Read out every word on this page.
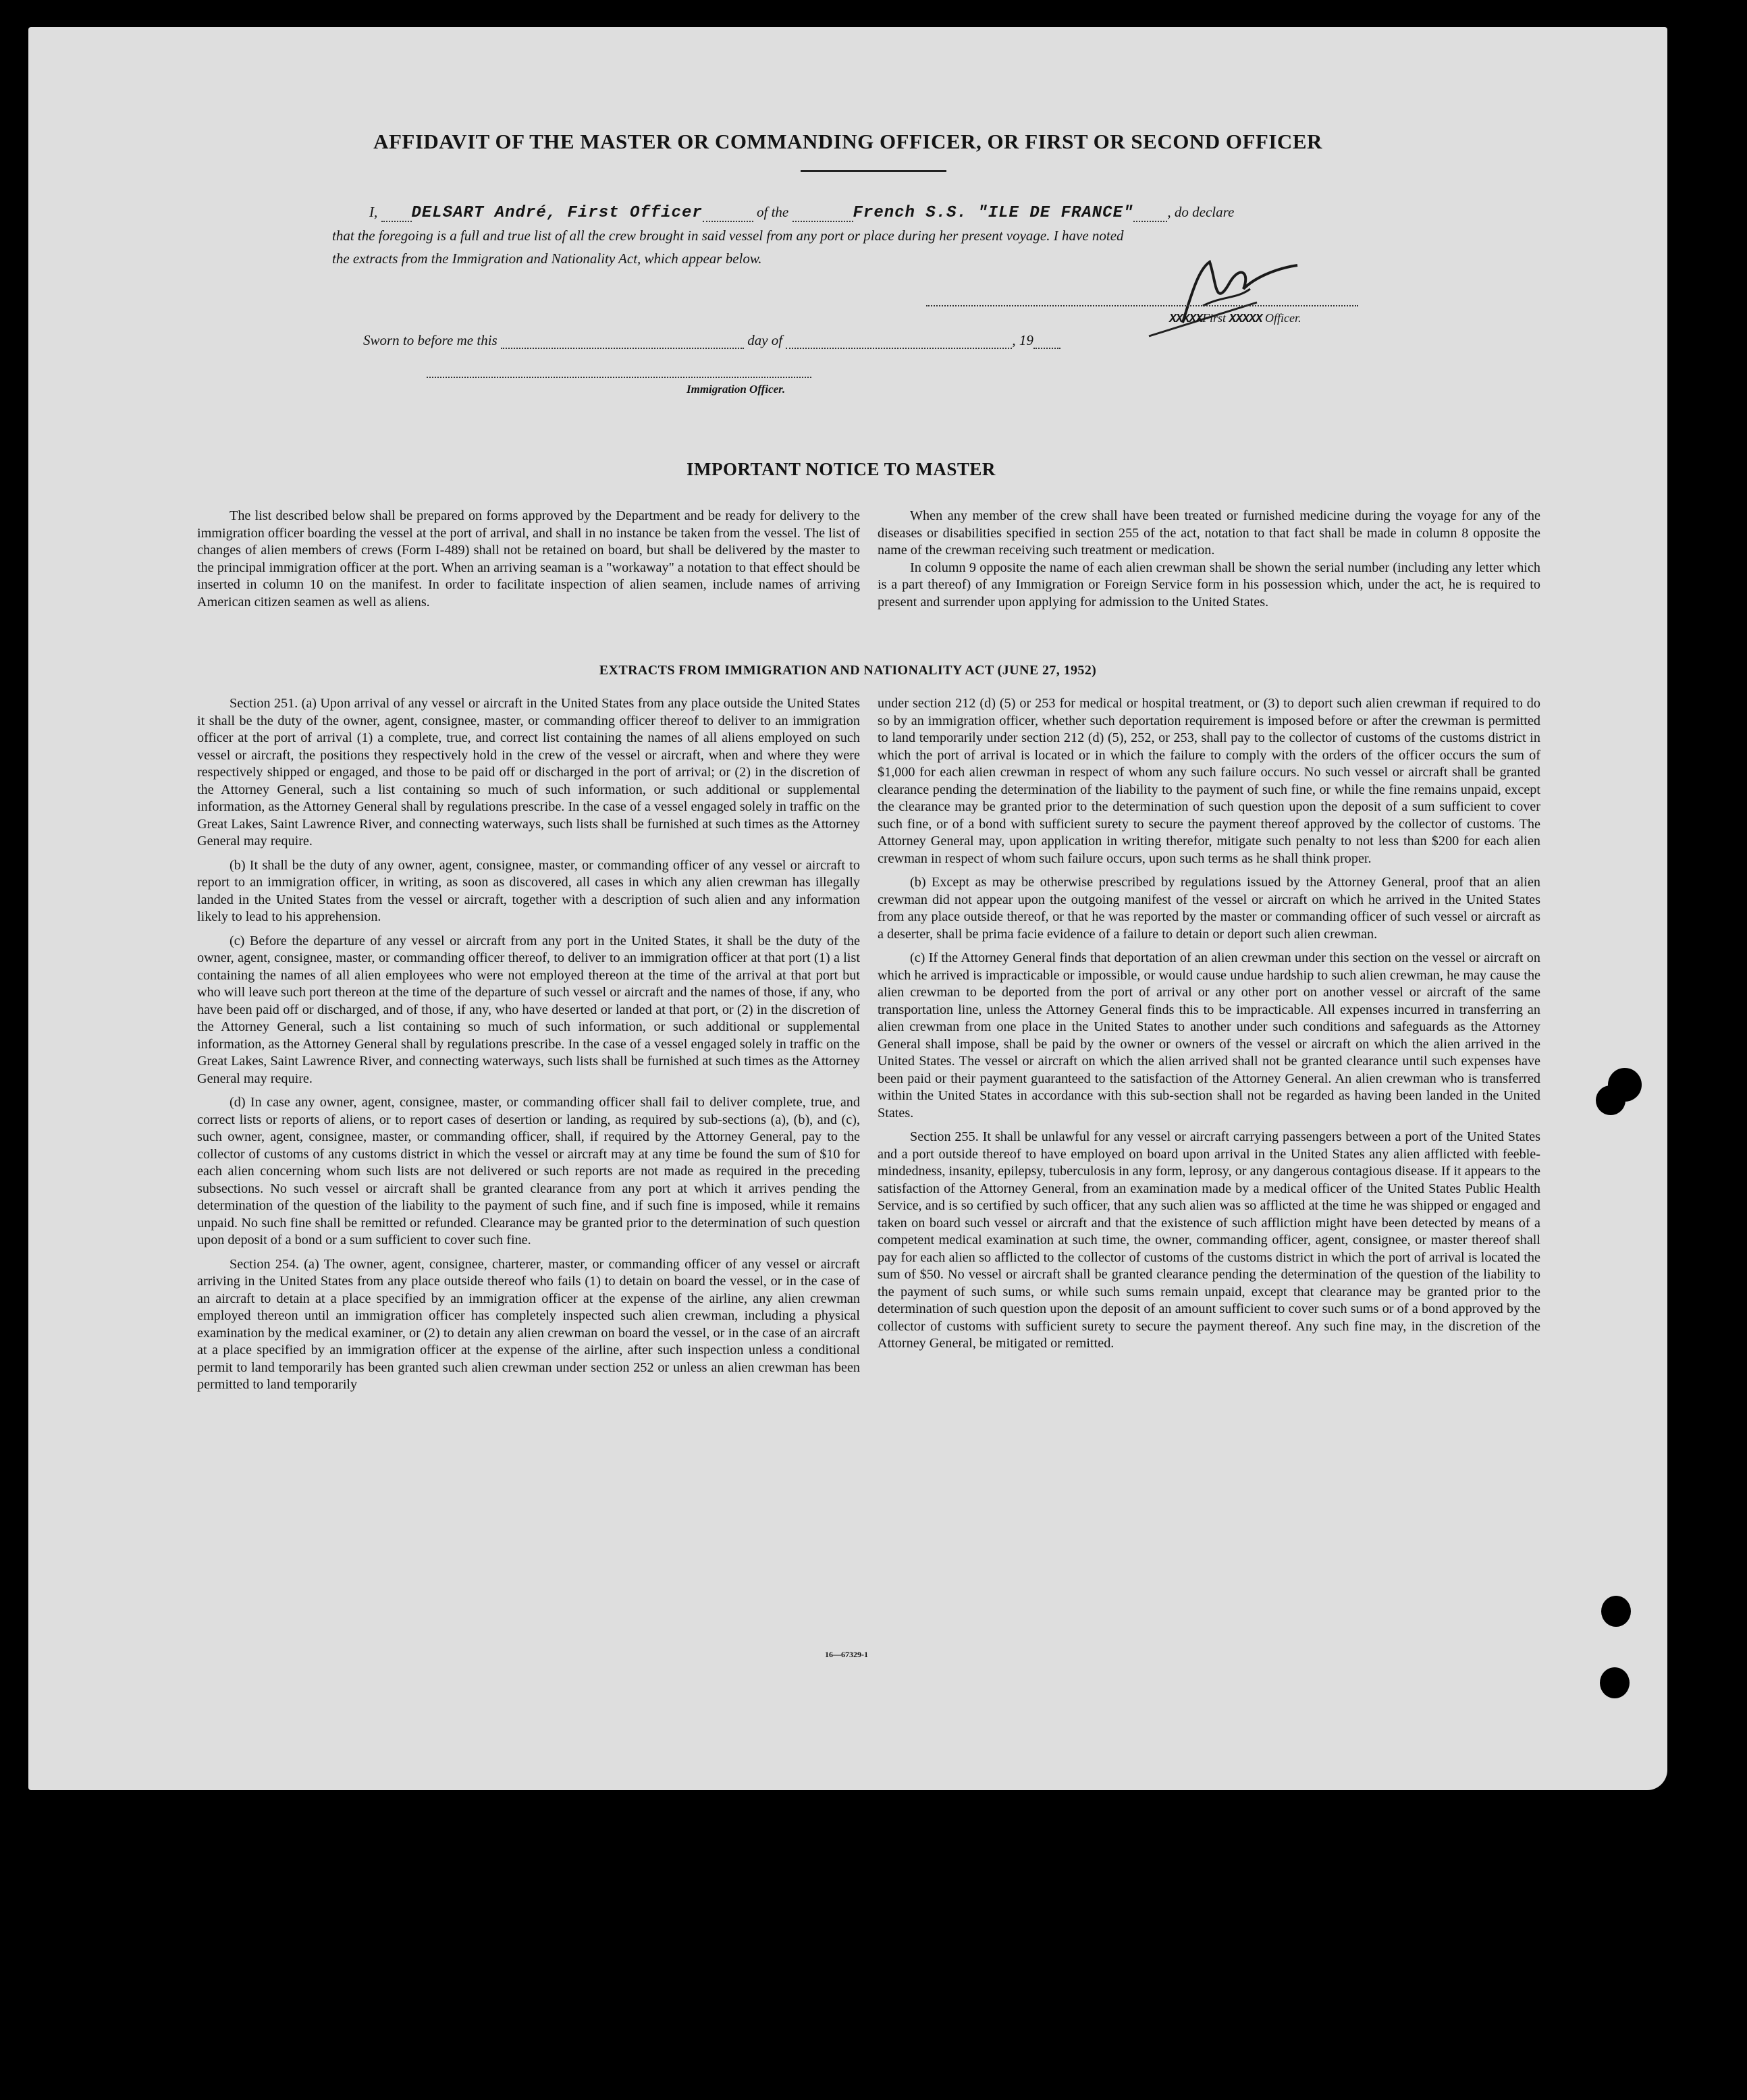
AFFIDAVIT OF THE MASTER OR COMMANDING OFFICER, OR FIRST OR SECOND OFFICER
I, DELSART André, First Officer	of the	French S.S. "ILE DE FRANCE" , do declare
that the foregoing is a full and true list of all the crew brought in said vessel from any port or place during her present voyage. I have noted
the extracts from the Immigration and Nationality Act, which appear below.
XXXXXFirst XXXXX Officer.
Sworn to before me this	day of	, 19
Immigration Officer.
IMPORTANT NOTICE TO MASTER

The list described below shall be prepared on forms approved by the Department and be ready for delivery to the immigration officer boarding the vessel at the port of arrival, and shall in no instance be taken from the vessel. The list of changes of alien members of crews (Form I-489) shall not be retained on board, but shall be delivered by the master to the principal immigration officer at the port. When an arriving seaman is a "workaway" a notation to that effect should be inserted in column 10 on the manifest. In order to facilitate inspection of alien seamen, include names of arriving American citizen seamen as well as aliens.

When any member of the crew shall have been treated or furnished medicine during the voyage for any of the diseases or disabilities specified in section 255 of the act, notation to that fact shall be made in column 8 opposite the name of the crewman receiving such treatment or medication.

In column 9 opposite the name of each alien crewman shall be shown the serial number (including any letter which is a part thereof) of any Immigration or Foreign Service form in his possession which, under the act, he is required to present and surrender upon applying for admission to the United States.

EXTRACTS FROM IMMIGRATION AND NATIONALITY ACT (JUNE 27, 1952)

Section 251. (a) Upon arrival of any vessel or aircraft in the United States from any place outside the United States it shall be the duty of the owner, agent, consignee, master, or commanding officer thereof to deliver to an immigration officer at the port of arrival (1) a complete, true, and correct list containing the names of all aliens employed on such vessel or aircraft, the positions they respectively hold in the crew of the vessel or aircraft, when and where they were respectively shipped or engaged, and those to be paid off or discharged in the port of arrival; or (2) in the discretion of the Attorney General, such a list containing so much of such information, or such additional or supplemental information, as the Attorney General shall by regulations prescribe. In the case of a vessel engaged solely in traffic on the Great Lakes, Saint Lawrence River, and connecting waterways, such lists shall be furnished at such times as the Attorney General may require.

(b) It shall be the duty of any owner, agent, consignee, master, or commanding officer of any vessel or aircraft to report to an immigration officer, in writing, as soon as discovered, all cases in which any alien crewman has illegally landed in the United States from the vessel or aircraft, together with a description of such alien and any information likely to lead to his apprehension.

(c) Before the departure of any vessel or aircraft from any port in the United States, it shall be the duty of the owner, agent, consignee, master, or commanding officer thereof, to deliver to an immigration officer at that port (1) a list containing the names of all alien employees who were not employed thereon at the time of the arrival at that port but who will leave such port thereon at the time of the departure of such vessel or aircraft and the names of those, if any, who have been paid off or discharged, and of those, if any, who have deserted or landed at that port, or (2) in the discretion of the Attorney General, such a list containing so much of such information, or such additional or supplemental information, as the Attorney General shall by regulations prescribe. In the case of a vessel engaged solely in traffic on the Great Lakes, Saint Lawrence River, and connecting waterways, such lists shall be furnished at such times as the Attorney General may require.

(d) In case any owner, agent, consignee, master, or commanding officer shall fail to deliver complete, true, and correct lists or reports of aliens, or to report cases of desertion or landing, as required by sub-sections (a), (b), and (c), such owner, agent, consignee, master, or commanding officer, shall, if required by the Attorney General, pay to the collector of customs of any customs district in which the vessel or aircraft may at any time be found the sum of $10 for each alien concerning whom such lists are not delivered or such reports are not made as required in the preceding subsections. No such vessel or aircraft shall be granted clearance from any port at which it arrives pending the determination of the question of the liability to the payment of such fine, and if such fine is imposed, while it remains unpaid. No such fine shall be remitted or refunded. Clearance may be granted prior to the determination of such question upon deposit of a bond or a sum sufficient to cover such fine.

Section 254. (a) The owner, agent, consignee, charterer, master, or commanding officer of any vessel or aircraft arriving in the United States from any place outside thereof who fails (1) to detain on board the vessel, or in the case of an aircraft to detain at a place specified by an immigration officer at the expense of the airline, any alien crewman employed thereon until an immigration officer has completely inspected such alien crewman, including a physical examination by the medical examiner, or (2) to detain any alien crewman on board the vessel, or in the case of an aircraft at a place specified by an immigration officer at the expense of the airline, after such inspection unless a conditional permit to land temporarily has been granted such alien crewman under section 252 or unless an alien crewman has been permitted to land temporarily

under section 212 (d) (5) or 253 for medical or hospital treatment, or (3) to deport such alien crewman if required to do so by an immigration officer, whether such deportation requirement is imposed before or after the crewman is permitted to land temporarily under section 212 (d) (5), 252, or 253, shall pay to the collector of customs of the customs district in which the port of arrival is located or in which the failure to comply with the orders of the officer occurs the sum of $1,000 for each alien crewman in respect of whom any such failure occurs. No such vessel or aircraft shall be granted clearance pending the determination of the liability to the payment of such fine, or while the fine remains unpaid, except the clearance may be granted prior to the determination of such question upon the deposit of a sum sufficient to cover such fine, or of a bond with sufficient surety to secure the payment thereof approved by the collector of customs. The Attorney General may, upon application in writing therefor, mitigate such penalty to not less than $200 for each alien crewman in respect of whom such failure occurs, upon such terms as he shall think proper.

(b) Except as may be otherwise prescribed by regulations issued by the Attorney General, proof that an alien crewman did not appear upon the outgoing manifest of the vessel or aircraft on which he arrived in the United States from any place outside thereof, or that he was reported by the master or commanding officer of such vessel or aircraft as a deserter, shall be prima facie evidence of a failure to detain or deport such alien crewman.

(c) If the Attorney General finds that deportation of an alien crewman under this section on the vessel or aircraft on which he arrived is impracticable or impossible, or would cause undue hardship to such alien crewman, he may cause the alien crewman to be deported from the port of arrival or any other port on another vessel or aircraft of the same transportation line, unless the Attorney General finds this to be impracticable. All expenses incurred in transferring an alien crewman from one place in the United States to another under such conditions and safeguards as the Attorney General shall impose, shall be paid by the owner or owners of the vessel or aircraft on which the alien arrived in the United States. The vessel or aircraft on which the alien arrived shall not be granted clearance until such expenses have been paid or their payment guaranteed to the satisfaction of the Attorney General. An alien crewman who is transferred within the United States in accordance with this sub-section shall not be regarded as having been landed in the United States.

Section 255. It shall be unlawful for any vessel or aircraft carrying passengers between a port of the United States and a port outside thereof to have employed on board upon arrival in the United States any alien afflicted with feeble-mindedness, insanity, epilepsy, tuberculosis in any form, leprosy, or any dangerous contagious disease. If it appears to the satisfaction of the Attorney General, from an examination made by a medical officer of the United States Public Health Service, and is so certified by such officer, that any such alien was so afflicted at the time he was shipped or engaged and taken on board such vessel or aircraft and that the existence of such affliction might have been detected by means of a competent medical examination at such time, the owner, commanding officer, agent, consignee, or master thereof shall pay for each alien so afflicted to the collector of customs of the customs district in which the port of arrival is located the sum of $50. No vessel or aircraft shall be granted clearance pending the determination of the question of the liability to the payment of such sums, or while such sums remain unpaid, except that clearance may be granted prior to the determination of such question upon the deposit of an amount sufficient to cover such sums or of a bond approved by the collector of customs with sufficient surety to secure the payment thereof. Any such fine may, in the discretion of the Attorney General, be mitigated or remitted.

16—67329-1
